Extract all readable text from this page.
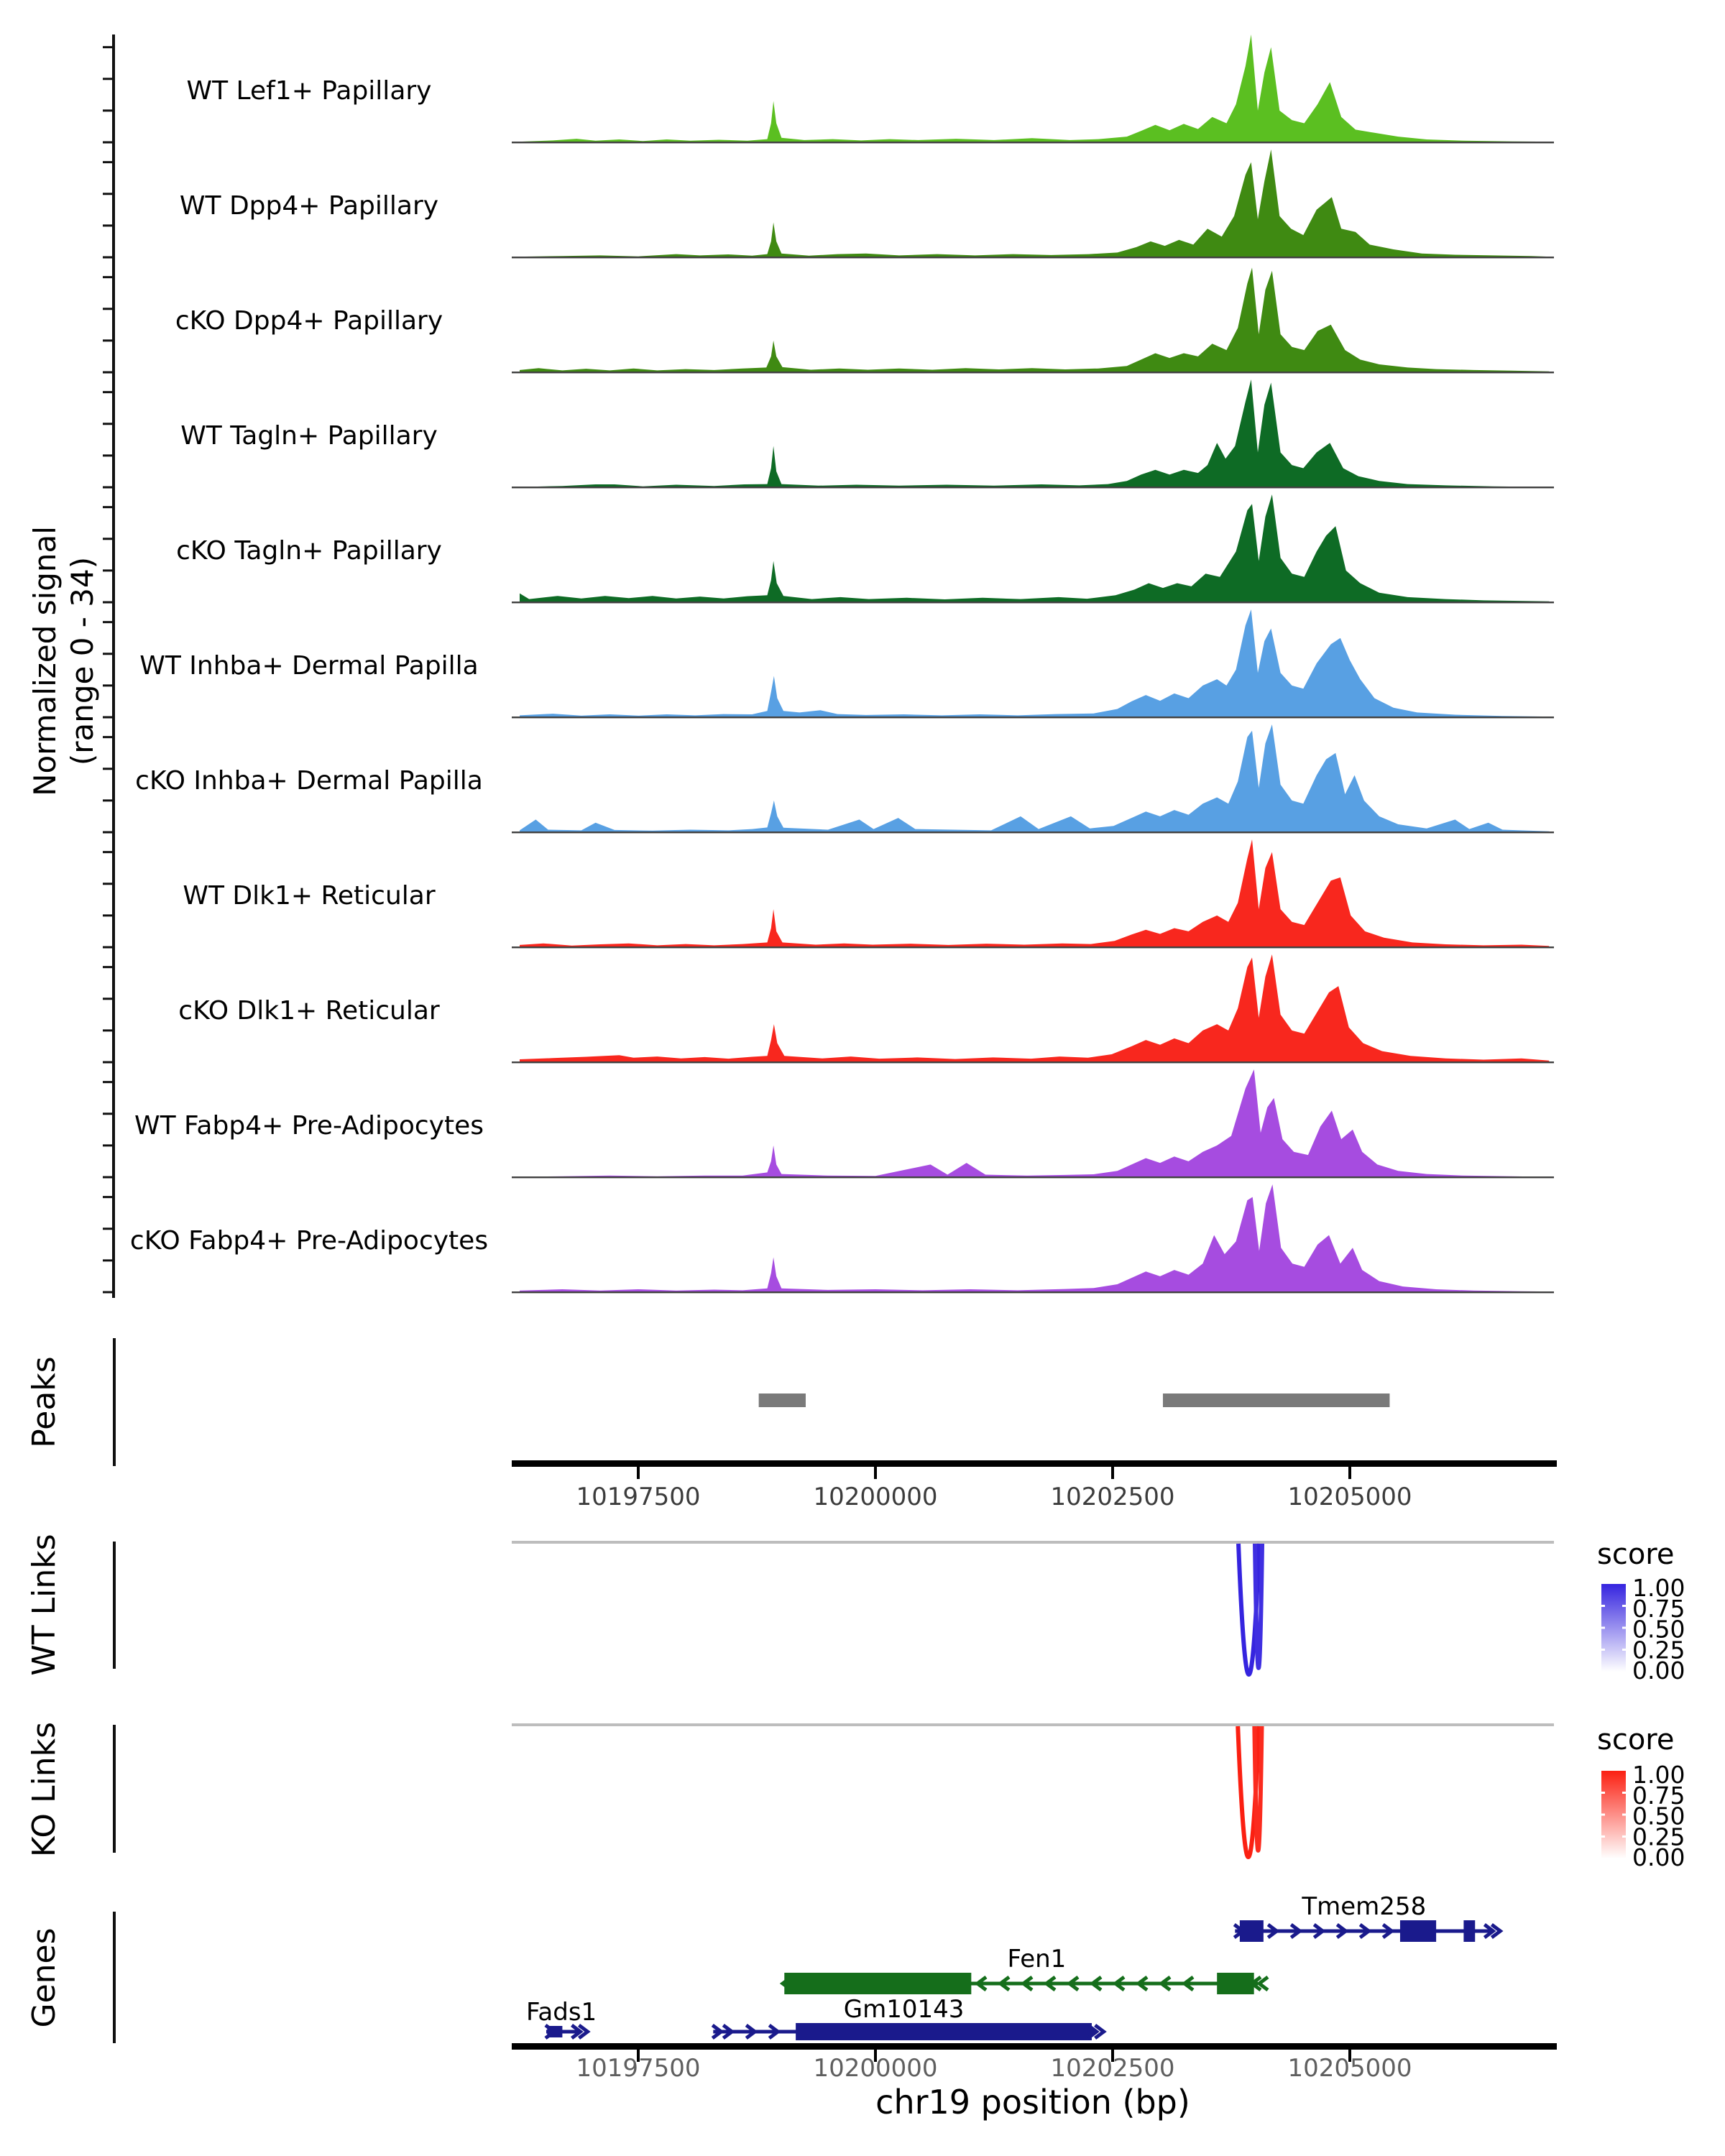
10197500	10200000	10202500	10205000
10197500	10200000	10202500	10205000
1.00
0.75
0.50
0.25
0.00
1.00
0.75
0.50
0.25
0.00
Tmem258
Fen1
Gm10143
Fads1
Normalized signal
(range 0 - 34)
WT Lef1+ Papillary
WT Dpp4+ Papillary
cKO Dpp4+ Papillary
WT Tagln+ Papillary
cKO Tagln+ Papillary
WT Inhba+ Dermal Papilla
cKO Inhba+ Dermal Papilla
WT Dlk1+ Reticular
cKO Dlk1+ Reticular
WT Fabp4+ Pre-Adipocytes
cKO Fabp4+ Pre-Adipocytes
Peaks
WT Links
KO Links
Genes
score
score
chr19 position (bp)
